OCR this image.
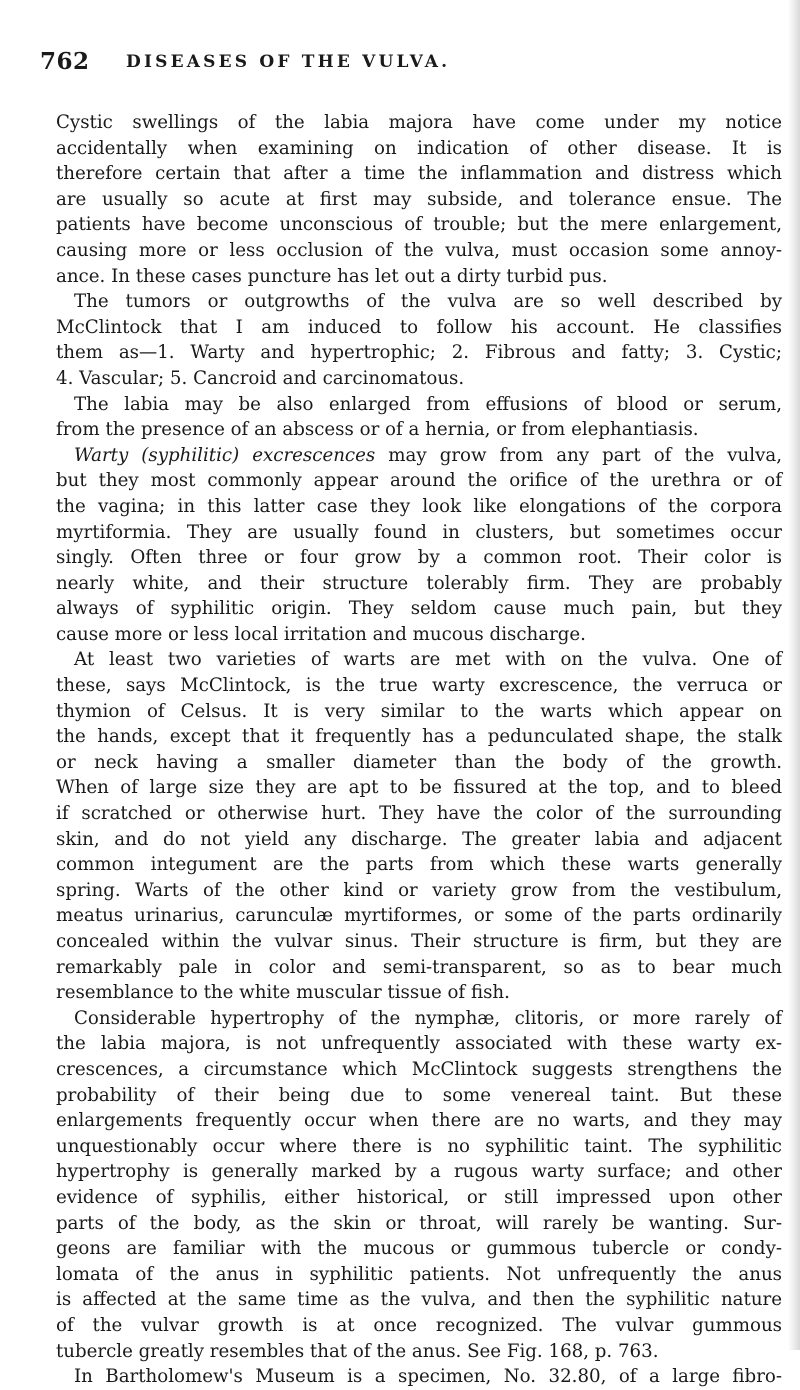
762 DISEASES OF THE VULVA.
Cystic swellings of the labia majora have come under my notice
accidentally when examining on indication of other disease. It is
therefore certain that after a time the inflammation and distress which
are usually so acute at first may subside, and tolerance ensue. The
patients have become unconscious of trouble; but the mere enlargement,
causing more or less occlusion of the vulva, must occasion some annoy-
ance. In these cases puncture has let out a dirty turbid pus.
The tumors or outgrowths of the vulva are so well described by
McClintock that I am induced to follow his account. He classifies
them as—1. Warty and hypertrophic; 2. Fibrous and fatty; 3. Cystic;
4. Vascular; 5. Cancroid and carcinomatous.
The labia may be also enlarged from effusions of blood or serum,
from the presence of an abscess or of a hernia, or from elephantiasis.
Warty (syphilitic) excrescences may grow from any part of the vulva,
but they most commonly appear around the orifice of the urethra or of
the vagina; in this latter case they look like elongations of the corpora
myrtiformia. They are usually found in clusters, but sometimes occur
singly. Often three or four grow by a common root. Their color is
nearly white, and their structure tolerably firm. They are probably
always of syphilitic origin. They seldom cause much pain, but they
cause more or less local irritation and mucous discharge.
At least two varieties of warts are met with on the vulva. One of
these, says McClintock, is the true warty excrescence, the verruca or
thymion of Celsus. It is very similar to the warts which appear on
the hands, except that it frequently has a pedunculated shape, the stalk
or neck having a smaller diameter than the body of the growth.
When of large size they are apt to be fissured at the top, and to bleed
if scratched or otherwise hurt. They have the color of the surrounding
skin, and do not yield any discharge. The greater labia and adjacent
common integument are the parts from which these warts generally
spring. Warts of the other kind or variety grow from the vestibulum,
meatus urinarius, carunculæ myrtiformes, or some of the parts ordinarily
concealed within the vulvar sinus. Their structure is firm, but they are
remarkably pale in color and semi-transparent, so as to bear much
resemblance to the white muscular tissue of fish.
Considerable hypertrophy of the nymphæ, clitoris, or more rarely of
the labia majora, is not unfrequently associated with these warty ex-
crescences, a circumstance which McClintock suggests strengthens the
probability of their being due to some venereal taint. But these
enlargements frequently occur when there are no warts, and they may
unquestionably occur where there is no syphilitic taint. The syphilitic
hypertrophy is generally marked by a rugous warty surface; and other
evidence of syphilis, either historical, or still impressed upon other
parts of the body, as the skin or throat, will rarely be wanting. Sur-
geons are familiar with the mucous or gummous tubercle or condy-
lomata of the anus in syphilitic patients. Not unfrequently the anus
is affected at the same time as the vulva, and then the syphilitic nature
of the vulvar growth is at once recognized. The vulvar gummous
tubercle greatly resembles that of the anus. See Fig. 168, p. 763.
In Bartholomew's Museum is a specimen, No. 32.80, of a large fibro-
